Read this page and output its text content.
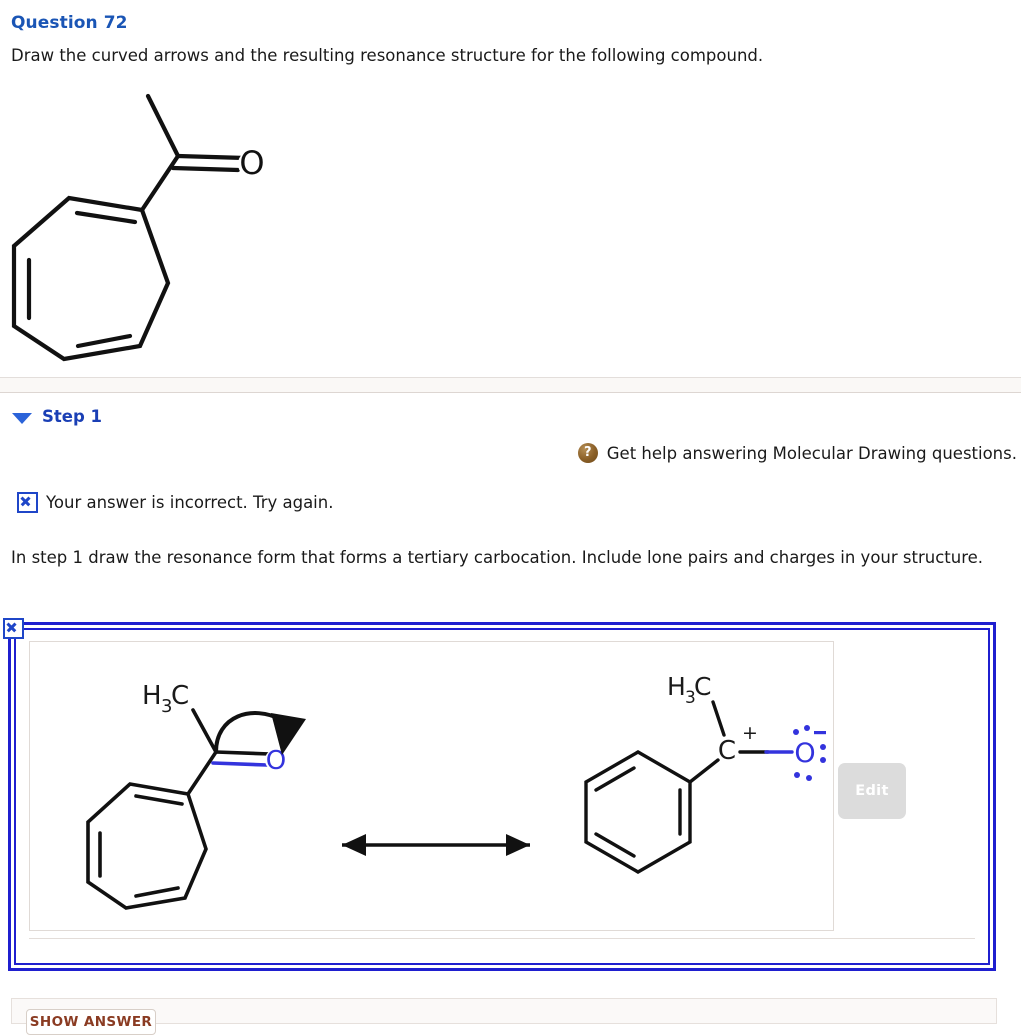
Question 72
Draw the curved arrows and the resulting resonance structure for the following compound.
O
Step 1
? Get help answering Molecular Drawing questions.
Your answer is incorrect. Try again.
In step 1 draw the resonance form that forms a tertiary carbocation. Include lone pairs and charges in your structure.
H 3
C
O
H 3
C
C
+
O
Edit
SHOW ANSWER
